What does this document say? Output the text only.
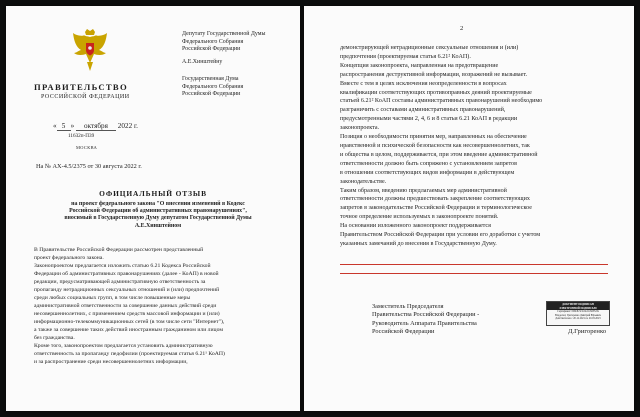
ПРАВИТЕЛЬСТВО
РОССИЙСКОЙ ФЕДЕРАЦИИ
« 5 » октября 2022 г.
11632п-П39
МОСКВА
На № АХ-4.5/2375 от 30 августа 2022 г.
Депутату Государственной Думы
Федерального Собрания
Российской Федерации
А.Е.Хинштейну
Государственная Дума
Федерального Собрания
Российской Федерации
ОФИЦИАЛЬНЫЙ ОТЗЫВ
на проект федерального закона "О внесении изменений в Кодекс
Российской Федерации об административных правонарушениях",
вносимый в Государственную Думу депутатом Государственной Думы
А.Е.Хинштейном
В Правительстве Российской Федерации рассмотрен представленный
проект федерального закона.
Законопроектом предлагается изложить статью 6.21 Кодекса Российской
Федерации об административных правонарушениях (далее - КоАП) в новой
редакции, предусматривающей административную ответственность за
пропаганду нетрадиционных сексуальных отношений и (или) предпочтений
среди любых социальных групп, в том числе повышенные меры
административной ответственности за совершение данных действий среди
несовершеннолетних, с применением средств массовой информации и (или)
информационно-телекоммуникационных сетей (в том числе сети "Интернет"),
а также за совершение таких действий иностранным гражданином или лицом
без гражданства.
Кроме того, законопроектом предлагается установить административную
ответственность за пропаганду педофилии (проектируемая статья 6.21¹ КоАП)
и за распространение среди несовершеннолетних информации,
2
демонстрирующей нетрадиционные сексуальные отношения и (или)
предпочтения (проектируемая статья 6.21² КоАП).
Концепция законопроекта, направленная на предотвращение
распространения деструктивной информации, возражений не вызывает.
Вместе с тем в целях исключения неопределенности в вопросах
квалификации соответствующих противоправных деяний проектируемые
статьей 6.21² КоАП составы административных правонарушений необходимо
разграничить с составами административных правонарушений,
предусмотренными частями 2, 4, 6 и 8 статьи 6.21 КоАП в редакции
законопроекта.
Позиция о необходимости принятия мер, направленных на обеспечение
нравственной и психической безопасности как несовершеннолетних, так
и общества в целом, поддерживается, при этом введение административной
ответственности должно быть сопряжено с установлением запретов
в отношении соответствующих видов информации в действующем
законодательстве.
Таким образом, введению предлагаемых мер административной
ответственности должны предшествовать закрепление соответствующих
запретов в законодательстве Российской Федерации и терминологическое
точное определение используемых в законопроекте понятий.
На основании изложенного законопроект поддерживается
Правительством Российской Федерации при условии его доработки с учетом
указанных замечаний до внесения в Государственную Думу.
Заместитель Председателя
Правительства Российской Федерации -
Руководитель Аппарата Правительства
Российской Федерации
ДОКУМЕНТ ПОДПИСАН
ЭЛЕКТРОННОЙ ПОДПИСЬЮ
Сертификат: 00bb8c3c2cf4d1c8d35c8e
Владелец: Григоренко Дмитрий Юрьевич
Действителен с 20.12.2021 по 20.03.2023
Д.Григоренко
